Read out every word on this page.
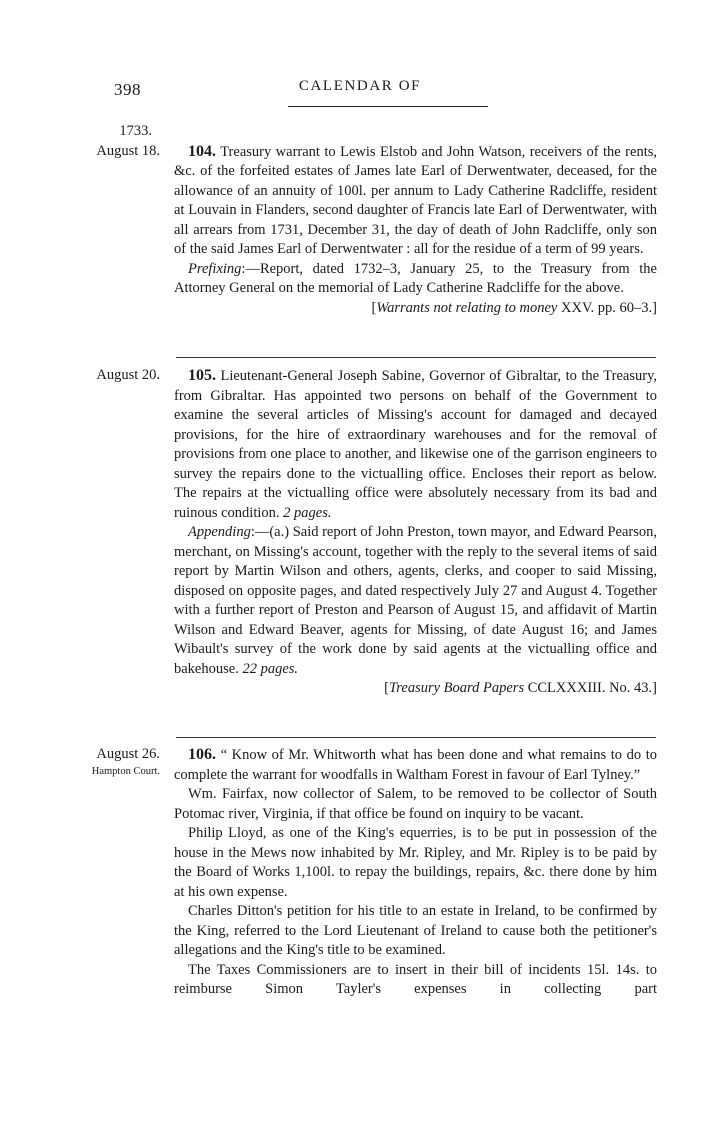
398	CALENDAR OF
1733.
August 18.	104. Treasury warrant to Lewis Elstob and John Watson, receivers of the rents, &c. of the forfeited estates of James late Earl of Derwentwater, deceased, for the allowance of an annuity of 100l. per annum to Lady Catherine Radcliffe, resident at Louvain in Flanders, second daughter of Francis late Earl of Derwentwater, with all arrears from 1731, December 31, the day of death of John Radcliffe, only son of the said James Earl of Derwentwater : all for the residue of a term of 99 years.

Prefixing:—Report, dated 1732–3, January 25, to the Treasury from the Attorney General on the memorial of Lady Catherine Radcliffe for the above.

[Warrants not relating to money XXV. pp. 60–3.]

August 20.	105. Lieutenant-General Joseph Sabine, Governor of Gibraltar, to the Treasury, from Gibraltar. Has appointed two persons on behalf of the Government to examine the several articles of Missing's account for damaged and decayed provisions, for the hire of extraordinary warehouses and for the removal of provisions from one place to another, and likewise one of the garrison engineers to survey the repairs done to the victualling office. Encloses their report as below. The repairs at the victualling office were absolutely necessary from its bad and ruinous condition. 2 pages.

Appending:—(a.) Said report of John Preston, town mayor, and Edward Pearson, merchant, on Missing's account, together with the reply to the several items of said report by Martin Wilson and others, agents, clerks, and cooper to said Missing, disposed on opposite pages, and dated respectively July 27 and August 4. Together with a further report of Preston and Pearson of August 15, and affidavit of Martin Wilson and Edward Beaver, agents for Missing, of date August 16; and James Wibault's survey of the work done by said agents at the victualling office and bakehouse. 22 pages.

[Treasury Board Papers CCLXXXIII. No. 43.]

August 26.
Hampton Court.

106. “ Know of Mr. Whitworth what has been done and what remains to do to complete the warrant for woodfalls in Waltham Forest in favour of Earl Tylney.”

Wm. Fairfax, now collector of Salem, to be removed to be collector of South Potomac river, Virginia, if that office be found on inquiry to be vacant.

Philip Lloyd, as one of the King's equerries, is to be put in possession of the house in the Mews now inhabited by Mr. Ripley, and Mr. Ripley is to be paid by the Board of Works 1,100l. to repay the buildings, repairs, &c. there done by him at his own expense.

Charles Ditton's petition for his title to an estate in Ireland, to be confirmed by the King, referred to the Lord Lieutenant of Ireland to cause both the petitioner's allegations and the King's title to be examined.

The Taxes Commissioners are to insert in their bill of incidents 15l. 14s. to reimburse Simon Tayler's expenses in collecting part
